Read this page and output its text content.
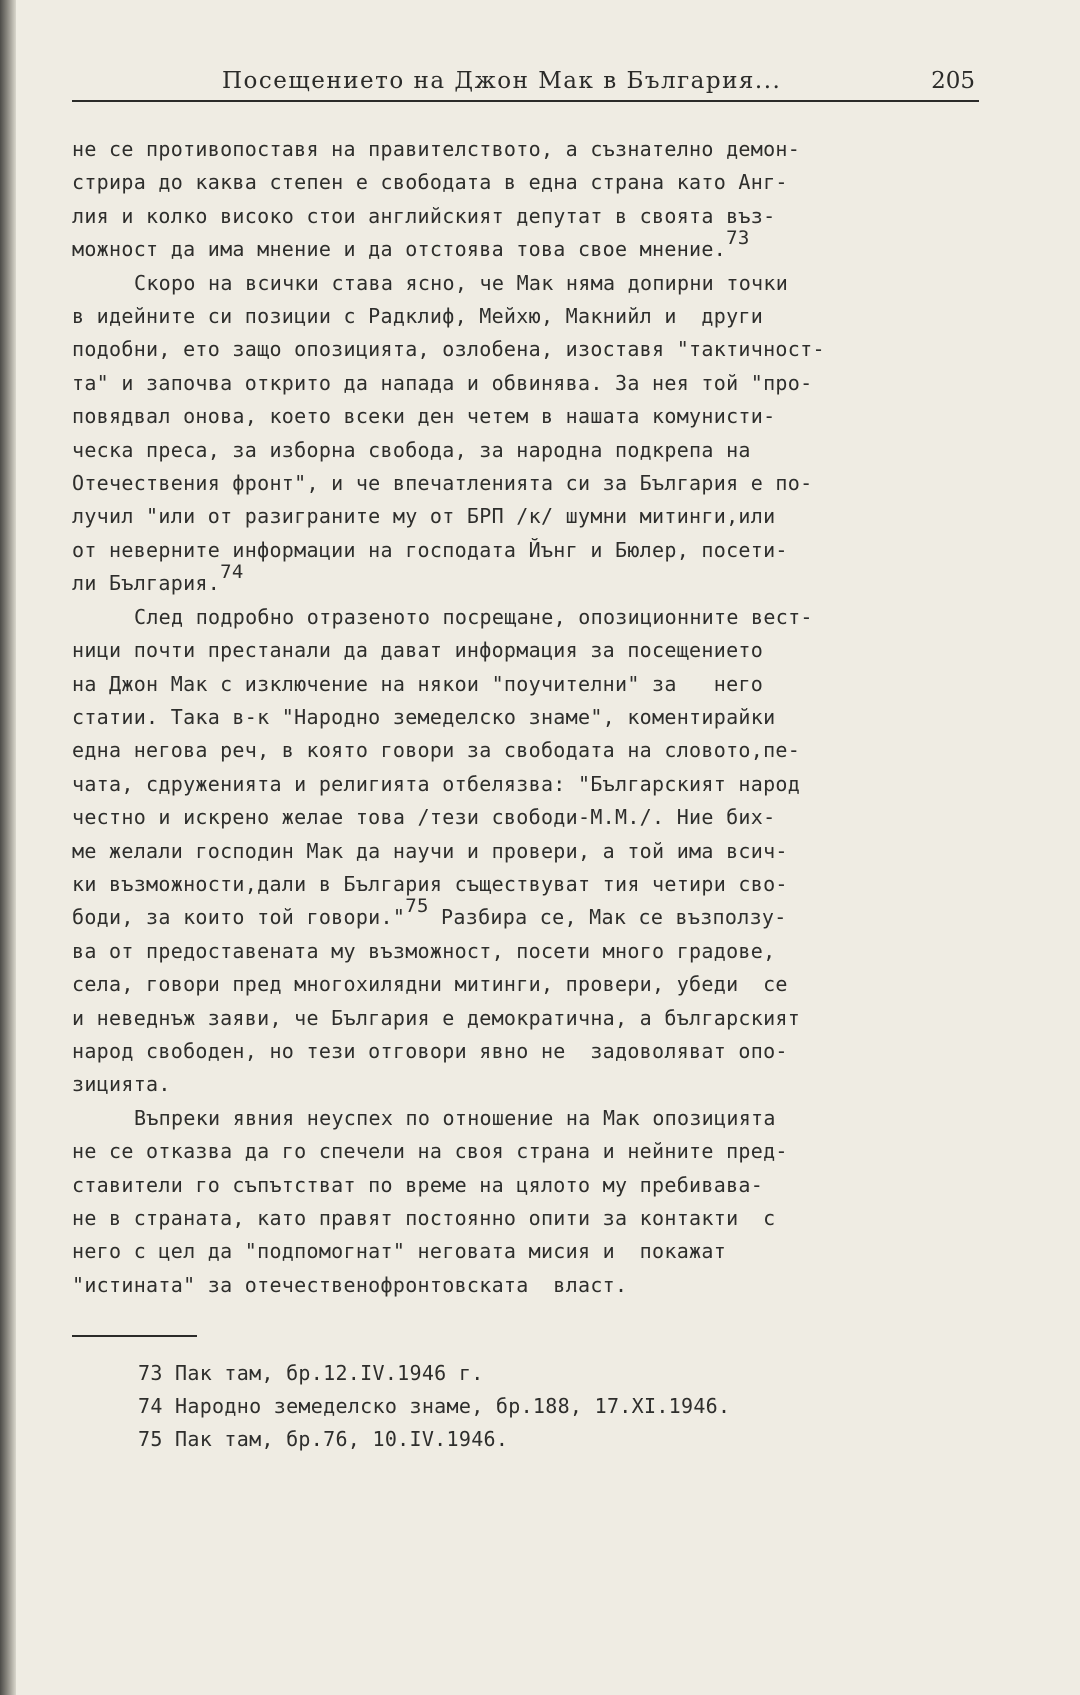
Посещението на Джон Мак в България...	205

не се противопоставя на правителството, а съзнателно демон-
стрира до каква степен е свободата в една страна като Анг-
лия и колко високо стои английският депутат в своята въз-
можност да има мнение и да отстоява това свое мнение.$^{73}$

Скоро на всички става ясно, че Мак няма допирни точки
в идейните си позиции с Радклиф, Мейхю, Макнийл и  други
подобни, ето защо опозицията, озлобена, изоставя "тактичност-
та" и започва открито да напада и обвинява. За нея той "про-
повядвал онова, което всеки ден четем в нашата комунисти-
ческа преса, за изборна свобода, за народна подкрепа на
Отечествения фронт", и че впечатленията си за България е по-
лучил "или от разиграните му от БРП /к/ шумни митинги,или
от неверните информации на господата Йънг и Бюлер, посети-
ли България.$^{74}$

След подробно отразеното посрещане, опозиционните вест-
ници почти престанали да дават информация за посещението
на Джон Мак с изключение на някои "поучителни" за   него
статии. Така в-к "Народно земеделско знаме", коментирайки
една негова реч, в която говори за свободата на словото,пе-
чата, сдруженията и религията отбелязва: "Българският народ
честно и искрено желае това /тези свободи-М.М./. Ние бих-
ме желали господин Мак да научи и провери, а той има всич-
ки възможности,дали в България съществуват тия четири сво-
боди, за които той говори."$^{75}$ Разбира се, Мак се възползу-
ва от предоставената му възможност, посети много градове,
села, говори пред многохилядни митинги, провери, убеди  се
и неведнъж заяви, че България е демократична, а българският
народ свободен, но тези отговори явно не  задоволяват опо-
зицията.

Въпреки явния неуспех по отношение на Мак опозицията
не се отказва да го спечели на своя страна и нейните пред-
ставители го съпътстват по време на цялото му пребивава-
не в страната, като правят постоянно опити за контакти  с
него с цел да "подпомогнат" неговата мисия и  покажат
"истината" за отечественофронтовската  власт.

73 Пак там, бр.12.IV.1946 г.
74 Народно земеделско знаме, бр.188, 17.XI.1946.
75 Пак там, бр.76, 10.IV.1946.
